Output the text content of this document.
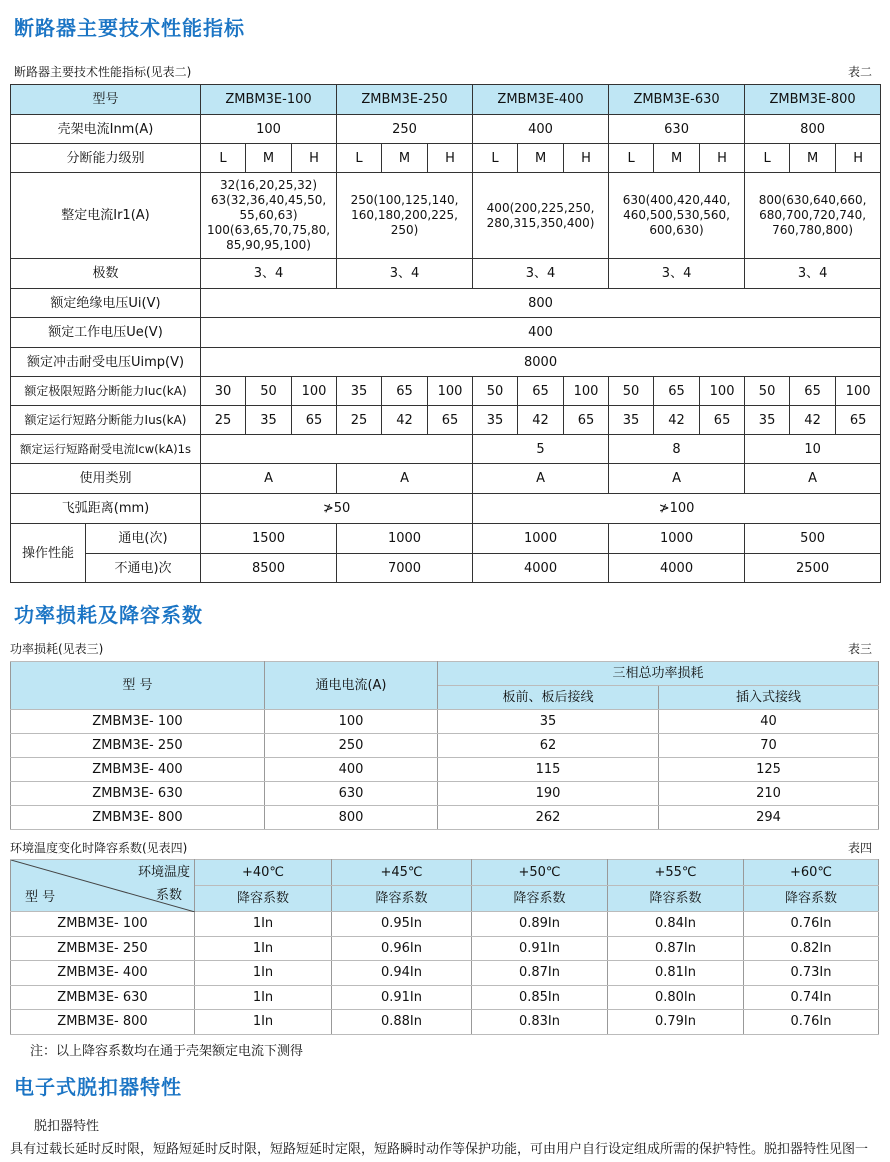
断路器主要技术性能指标
断路器主要技术性能指标(见表二)	表二
型号		ZMBM3E-100			ZMBM3E-250			ZMBM3E-400			ZMBM3E-630			ZMBM3E-800		
壳架电流Inm(A)		100			250			400			630			800		
分断能力级别		L	M	H	L	M	H	L	M	H	L	M	H	L	M	H
整定电流Ir1(A)		32(16,20,25,32)
63(32,36,40,45,50,
55,60,63)
100(63,65,70,75,80,
85,90,95,100)			250(100,125,140,
160,180,200,225,
250)			400(200,225,250,
280,315,350,400)			630(400,420,440,
460,500,530,560,
600,630)			800(630,640,660,
680,700,720,740,
760,780,800)		
极数		3、4			3、4			3、4			3、4			3、4		
额定绝缘电压Ui(V)		800														
额定工作电压Ue(V)		400														
额定冲击耐受电压Uimp(V)		8000														
额定极限短路分断能力Iuc(kA)		30	50	100	35	65	100	50	65	100	50	65	100	50	65	100
额定运行短路分断能力Ius(kA)		25	35	65	25	42	65	35	42	65	35	42	65	35	42	65
额定运行短路耐受电流Icw(kA)1s								5			8			10		
使用类别		A			A			A			A			A		
飞弧距离(mm)		≯50						≯100								
操作性能	通电(次)	1500			1000			1000			1000			500		
	不通电)次	8500			7000			4000			4000			2500		
功率损耗及降容系数
功率损耗(见表三)	表三
型 号	通电电流(A)	三相总功率损耗	
		板前、板后接线	插入式接线
ZMBM3E- 100	100	35	40
ZMBM3E- 250	250	62	70
ZMBM3E- 400	400	115	125
ZMBM3E- 630	630	190	210
ZMBM3E- 800	800	262	294
环境温度变化时降容系数(见表四)	表四
环境温度
系数
型 号	+40℃	+45℃	+50℃	+55℃	+60℃
	降容系数	降容系数	降容系数	降容系数	降容系数
ZMBM3E- 100	1In	0.95In	0.89In	0.84In	0.76In
ZMBM3E- 250	1In	0.96In	0.91In	0.87In	0.82In
ZMBM3E- 400	1In	0.94In	0.87In	0.81In	0.73In
ZMBM3E- 630	1In	0.91In	0.85In	0.80In	0.74In
ZMBM3E- 800	1In	0.88In	0.83In	0.79In	0.76In
注：以上降容系数均在通于壳架额定电流下测得
电子式脱扣器特性
脱扣器特性
具有过载长延时反时限，短路短延时反时限，短路短延时定限，短路瞬时动作等保护功能，可由用户自行设定组成所需的保护特性。脱扣器特性见图一
